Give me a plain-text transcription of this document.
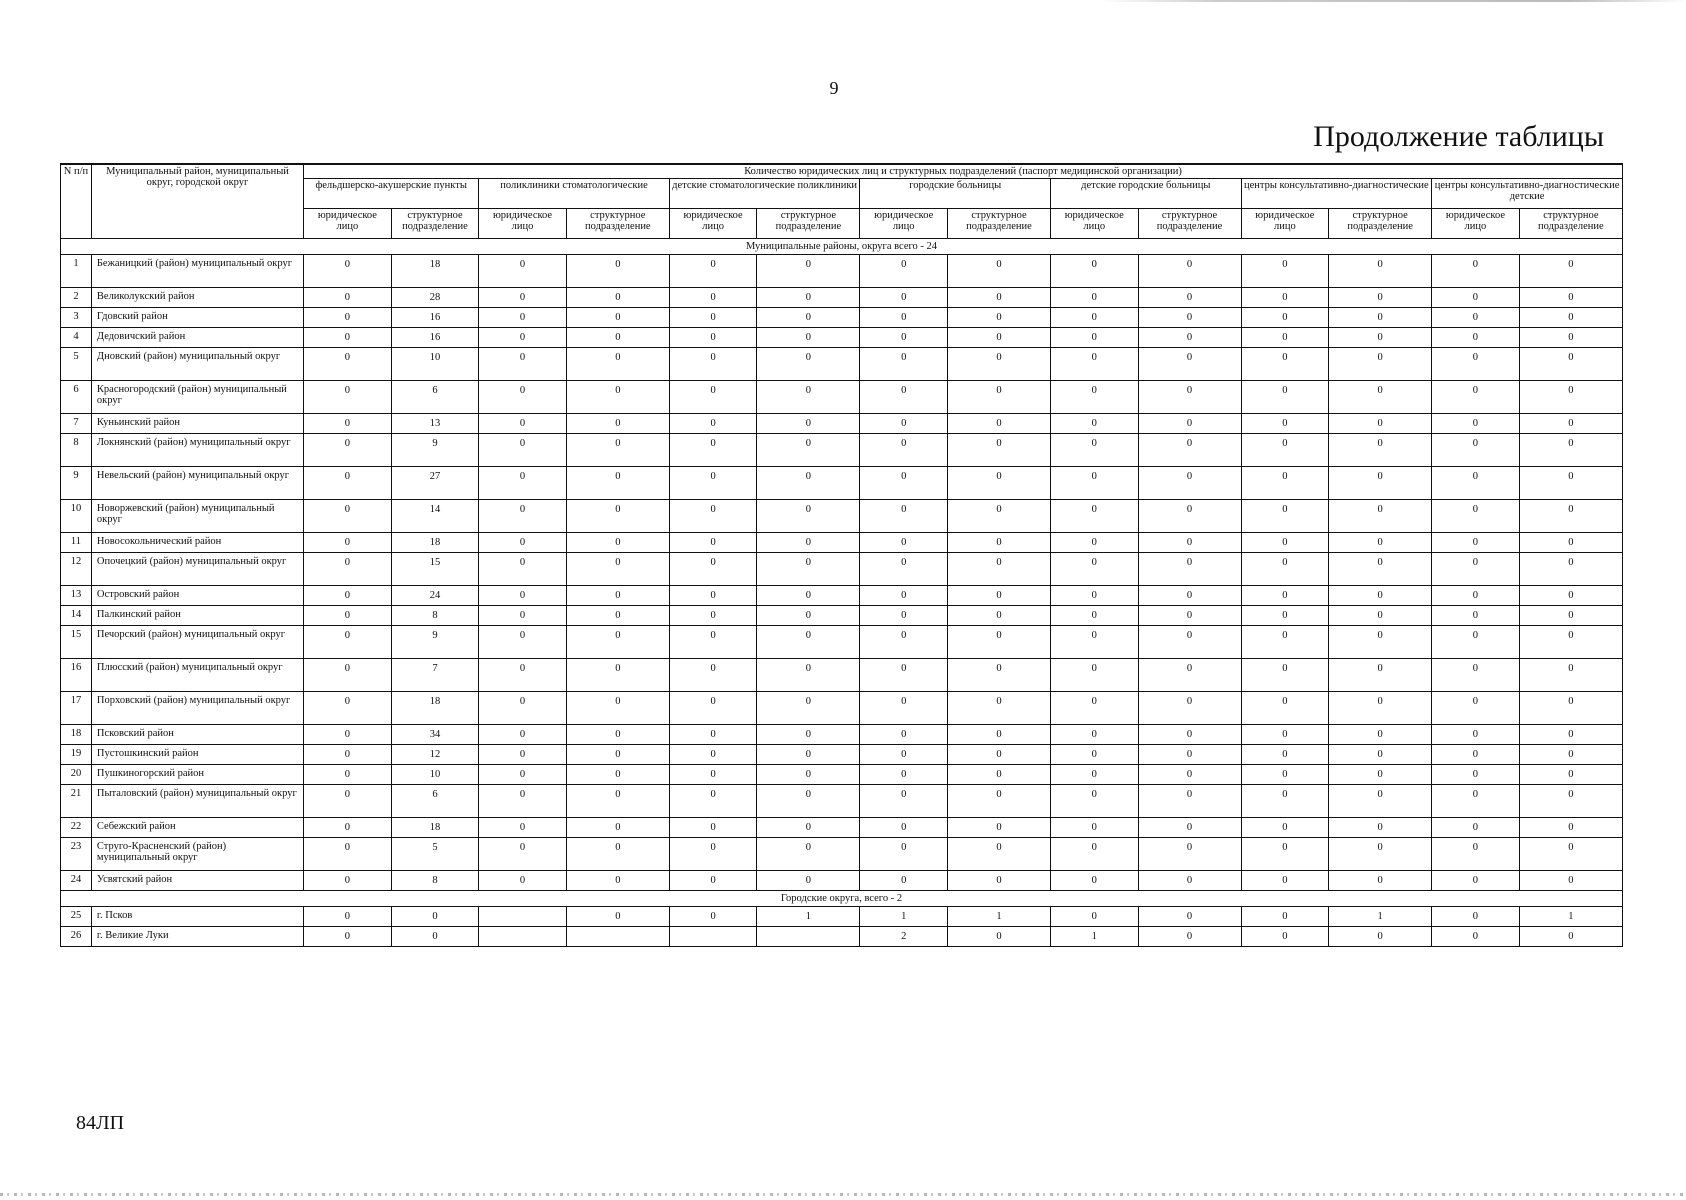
9
Продолжение таблицы
N п/п	Муниципальный район, муниципальный округ, городской округ	Количество юридических лиц и структурных подразделений (паспорт медицинской организации)													
		фельдшерско-акушерские пункты		поликлиники стоматологические		детские стоматологические поликлиники		городские больницы		детские городские больницы		центры консультативно-диагностические		центры консультативно-диагностические детские	
		юридическое лицо	структурное подразделение	юридическое лицо	структурное подразделение	юридическое лицо	структурное подразделение	юридическое лицо	структурное подразделение	юридическое лицо	структурное подразделение	юридическое лицо	структурное подразделение	юридическое лицо	структурное подразделение
Муниципальные районы, округа всего - 24															
1	Бежаницкий (район) муниципальный округ	0	18	0	0	0	0	0	0	0	0	0	0	0	0
2	Великолукский район	0	28	0	0	0	0	0	0	0	0	0	0	0	0
3	Гдовский район	0	16	0	0	0	0	0	0	0	0	0	0	0	0
4	Дедовичский район	0	16	0	0	0	0	0	0	0	0	0	0	0	0
5	Дновский (район) муниципальный округ	0	10	0	0	0	0	0	0	0	0	0	0	0	0
6	Красногородский (район) муниципальный округ	0	6	0	0	0	0	0	0	0	0	0	0	0	0
7	Куньинский район	0	13	0	0	0	0	0	0	0	0	0	0	0	0
8	Локнянский (район) муниципальный округ	0	9	0	0	0	0	0	0	0	0	0	0	0	0
9	Невельский (район) муниципальный округ	0	27	0	0	0	0	0	0	0	0	0	0	0	0
10	Новоржевский (район) муниципальный округ	0	14	0	0	0	0	0	0	0	0	0	0	0	0
11	Новосокольнический район	0	18	0	0	0	0	0	0	0	0	0	0	0	0
12	Опочецкий (район) муниципальный округ	0	15	0	0	0	0	0	0	0	0	0	0	0	0
13	Островский район	0	24	0	0	0	0	0	0	0	0	0	0	0	0
14	Палкинский район	0	8	0	0	0	0	0	0	0	0	0	0	0	0
15	Печорский (район) муниципальный округ	0	9	0	0	0	0	0	0	0	0	0	0	0	0
16	Плюсский (район) муниципальный округ	0	7	0	0	0	0	0	0	0	0	0	0	0	0
17	Порховский (район) муниципальный округ	0	18	0	0	0	0	0	0	0	0	0	0	0	0
18	Псковский район	0	34	0	0	0	0	0	0	0	0	0	0	0	0
19	Пустошкинский район	0	12	0	0	0	0	0	0	0	0	0	0	0	0
20	Пушкиногорский район	0	10	0	0	0	0	0	0	0	0	0	0	0	0
21	Пыталовский (район) муниципальный округ	0	6	0	0	0	0	0	0	0	0	0	0	0	0
22	Себежский район	0	18	0	0	0	0	0	0	0	0	0	0	0	0
23	Струго-Красненский (район) муниципальный округ	0	5	0	0	0	0	0	0	0	0	0	0	0	0
24	Усвятский район	0	8	0	0	0	0	0	0	0	0	0	0	0	0
Городские округа, всего - 2															
25	г. Псков	0	0		0	0	1	1	1	0	0	0	1	0	1
26	г. Великие Луки	0	0					2	0	1	0	0	0	0	0
84ЛП
